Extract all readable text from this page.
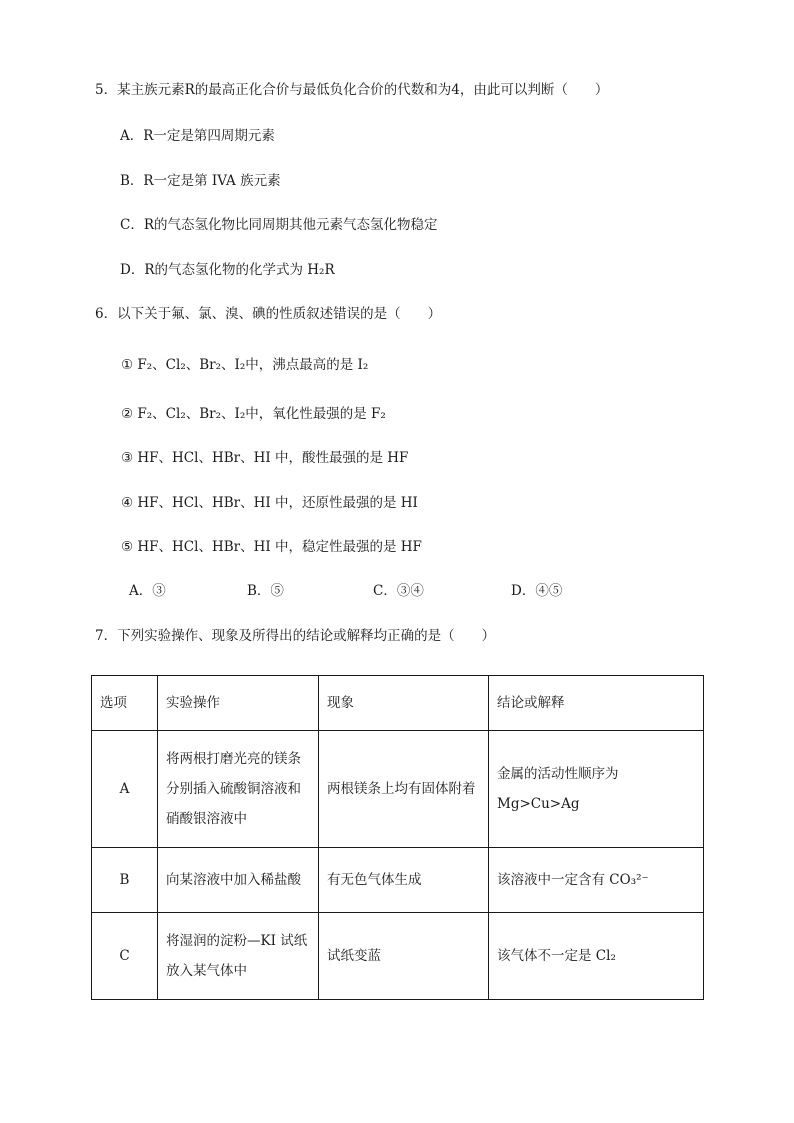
5．某主族元素R的最高正化合价与最低负化合价的代数和为4，由此可以判断（　　）
A．R一定是第四周期元素
B．R一定是第 IVA 族元素
C．R的气态氢化物比同周期其他元素气态氢化物稳定
D．R的气态氢化物的化学式为 H₂R
6．以下关于氟、氯、溴、碘的性质叙述错误的是（　　）
① F₂、Cl₂、Br₂、I₂中，沸点最高的是 I₂
② F₂、Cl₂、Br₂、I₂中，氧化性最强的是 F₂
③ HF、HCl、HBr、HI 中，酸性最强的是 HF
④ HF、HCl、HBr、HI 中，还原性最强的是 HI
⑤ HF、HCl、HBr、HI 中，稳定性最强的是 HF
A．③	B．⑤	C．③④	D．④⑤
7．下列实验操作、现象及所得出的结论或解释均正确的是（　　）
选项	实验操作	现象	结论或解释
A	将两根打磨光亮的镁条
分别插入硫酸铜溶液和
硝酸银溶液中	两根镁条上均有固体附着	金属的活动性顺序为 Mg>Cu>Ag
B	向某溶液中加入稀盐酸	有无色气体生成	该溶液中一定含有 CO₃²⁻
C	将湿润的淀粉—KI 试纸
放入某气体中	试纸变蓝	该气体不一定是 Cl₂
